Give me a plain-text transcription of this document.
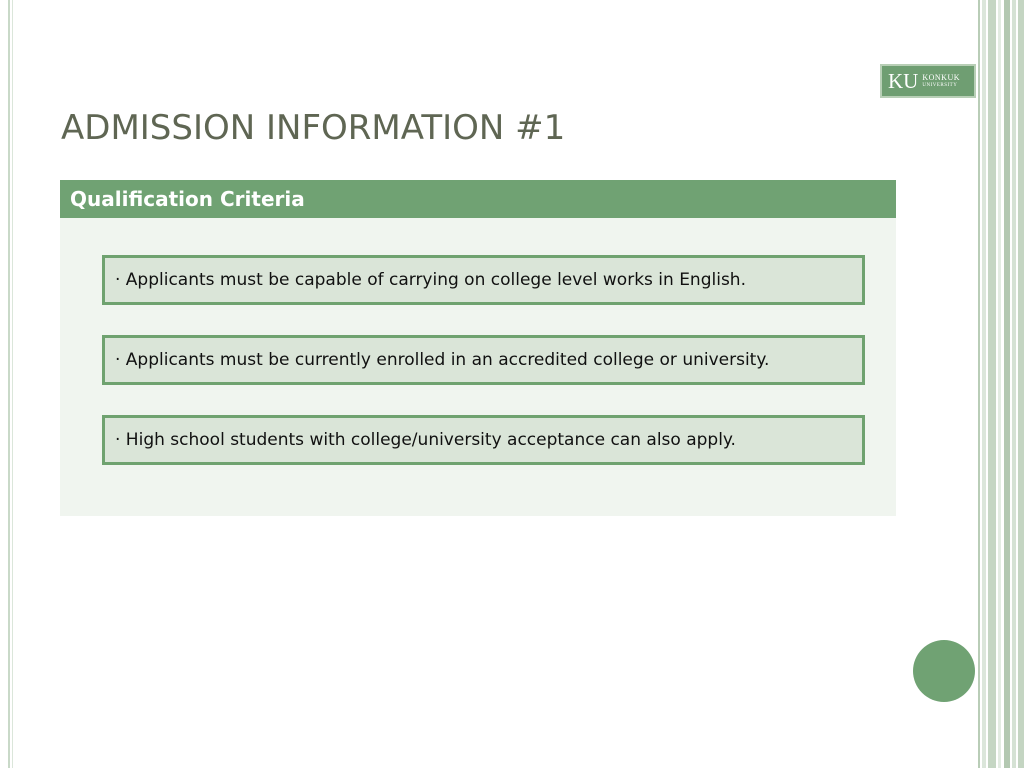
KU KONKUK
UNIVERSITY
ADMISSION INFORMATION #1
Qualification Criteria
· Applicants must be capable of carrying on college level works in English.
· Applicants must be currently enrolled in an accredited college or university.
· High school students with college/university acceptance can also apply.
